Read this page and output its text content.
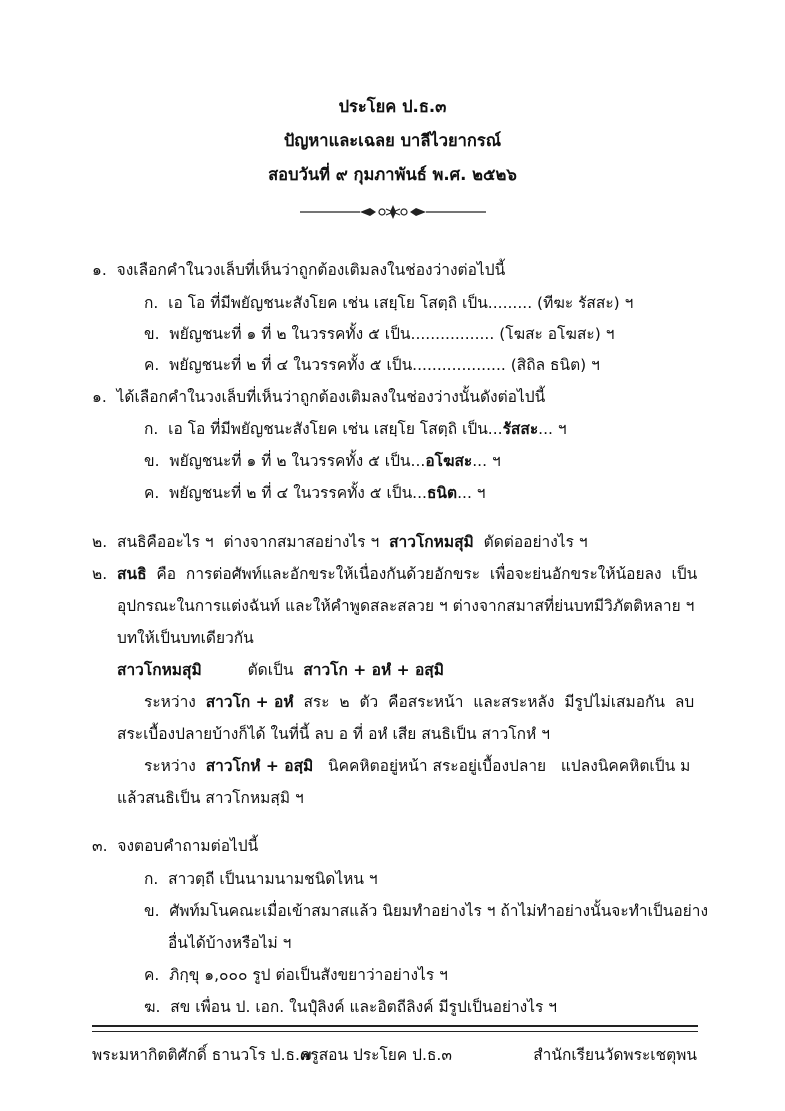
ประโยค ป.ธ.๓
ปัญหาและเฉลย บาลีไวยากรณ์
สอบวันที่ ๙ กุมภาพันธ์ พ.ศ. ๒๕๒๖
๑. จงเลือกคำในวงเล็บที่เห็นว่าถูกต้องเติมลงในช่องว่างต่อไปนี้
ก. เอ โอ ที่มีพยัญชนะสังโยค เช่น เสยฺโย โสตฺถิ เป็น......... (ทีฆะ รัสสะ) ฯ
ข. พยัญชนะที่ ๑ ที่ ๒ ในวรรคทั้ง ๕ เป็น................. (โฆสะ อโฆสะ) ฯ
ค. พยัญชนะที่ ๒ ที่ ๔ ในวรรคทั้ง ๕ เป็น................... (สิถิล ธนิต) ฯ
๑. ได้เลือกคำในวงเล็บที่เห็นว่าถูกต้องเติมลงในช่องว่างนั้นดังต่อไปนี้
ก. เอ โอ ที่มีพยัญชนะสังโยค เช่น เสยฺโย โสตฺถิ เป็น...รัสสะ... ฯ
ข. พยัญชนะที่ ๑ ที่ ๒ ในวรรคทั้ง ๕ เป็น...อโฆสะ... ฯ
ค. พยัญชนะที่ ๒ ที่ ๔ ในวรรคทั้ง ๕ เป็น...ธนิต... ฯ
๒. สนธิคืออะไร ฯ  ต่างจากสมาสอย่างไร ฯ  สาวโกหมสุมิ  ตัดต่ออย่างไร ฯ
๒. สนธิ  คือ  การต่อศัพท์และอักขระให้เนื่องกันด้วยอักขระ  เพื่อจะย่นอักขระให้น้อยลง  เป็น
อุปกรณะในการแต่งฉันท์ และให้คำพูดสละสลวย ฯ ต่างจากสมาสที่ย่นบทมีวิภัตติหลาย ฯ
บทให้เป็นบทเดียวกัน
สาวโกหมสุมิ	ตัดเป็น สาวโก + อหํ + อสฺมิ
ระหว่าง  สาวโก + อหํ  สระ  ๒  ตัว  คือสระหน้า  และสระหลัง  มีรูปไม่เสมอกัน  ลบ
สระเบื้องปลายบ้างก็ได้ ในที่นี้ ลบ อ ที่ อหํ เสีย สนธิเป็น สาวโกหํ ฯ
ระหว่าง  สาวโกหํ + อสฺมิ   นิคคหิตอยู่หน้า สระอยู่เบื้องปลาย   แปลงนิคคหิตเป็น ม
แล้วสนธิเป็น สาวโกหมสฺมิ ฯ
๓. จงตอบคำถามต่อไปนี้
ก. สาวตฺถี เป็นนามนามชนิดไหน ฯ
ข. ศัพท์มโนคณะเมื่อเข้าสมาสแล้ว นิยมทำอย่างไร ฯ ถ้าไม่ทำอย่างนั้นจะทำเป็นอย่าง
อื่นได้บ้างหรือไม่ ฯ
ค. ภิกฺขุ ๑,๐๐๐ รูป ต่อเป็นสังขยาว่าอย่างไร ฯ
ฆ. สข เพื่อน ป. เอก. ในปุํลิงค์ และอิตถีลิงค์ มีรูปเป็นอย่างไร ฯ
พระมหากิตติศักดิ์ ธานวโร ป.ธ.๗
ครูสอน ประโยค ป.ธ.๓	สำนักเรียนวัดพระเชตุพน
